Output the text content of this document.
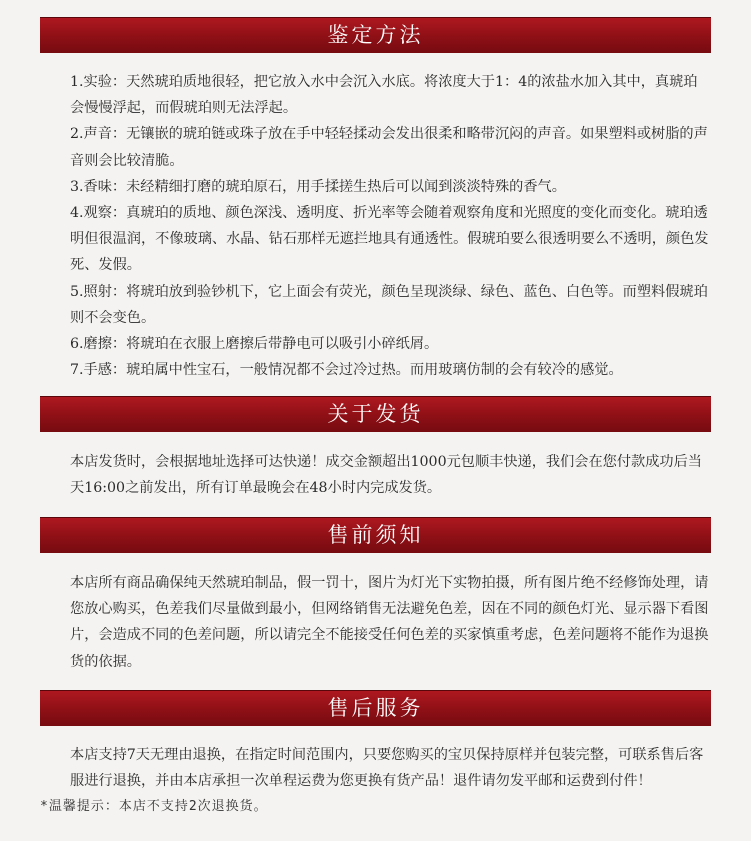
鉴定方法

1.实验：天然琥珀质地很轻，把它放入水中会沉入水底。将浓度大于1：4的浓盐水加入其中，真琥珀会慢慢浮起，而假琥珀则无法浮起。

2.声音：无镶嵌的琥珀链或珠子放在手中轻轻揉动会发出很柔和略带沉闷的声音。如果塑料或树脂的声音则会比较清脆。

3.香味：未经精细打磨的琥珀原石，用手揉搓生热后可以闻到淡淡特殊的香气。

4.观察：真琥珀的质地、颜色深浅、透明度、折光率等会随着观察角度和光照度的变化而变化。琥珀透明但很温润，不像玻璃、水晶、钻石那样无遮拦地具有通透性。假琥珀要么很透明要么不透明，颜色发死、发假。

5.照射：将琥珀放到验钞机下，它上面会有荧光，颜色呈现淡绿、绿色、蓝色、白色等。而塑料假琥珀则不会变色。

6.磨擦：将琥珀在衣服上磨擦后带静电可以吸引小碎纸屑。

7.手感：琥珀属中性宝石，一般情况都不会过冷过热。而用玻璃仿制的会有较冷的感觉。

关于发货

本店发货时，会根据地址选择可达快递！成交金额超出1000元包顺丰快递，我们会在您付款成功后当天16:00之前发出，所有订单最晚会在48小时内完成发货。

售前须知

本店所有商品确保纯天然琥珀制品，假一罚十，图片为灯光下实物拍摄，所有图片绝不经修饰处理，请您放心购买，色差我们尽量做到最小，但网络销售无法避免色差，因在不同的颜色灯光、显示器下看图片，会造成不同的色差问题，所以请完全不能接受任何色差的买家慎重考虑，色差问题将不能作为退换货的依据。

售后服务

本店支持7天无理由退换，在指定时间范围内，只要您购买的宝贝保持原样并包装完整，可联系售后客服进行退换，并由本店承担一次单程运费为您更换有货产品！退件请勿发平邮和运费到付件！

*温馨提示：本店不支持2次退换货。
